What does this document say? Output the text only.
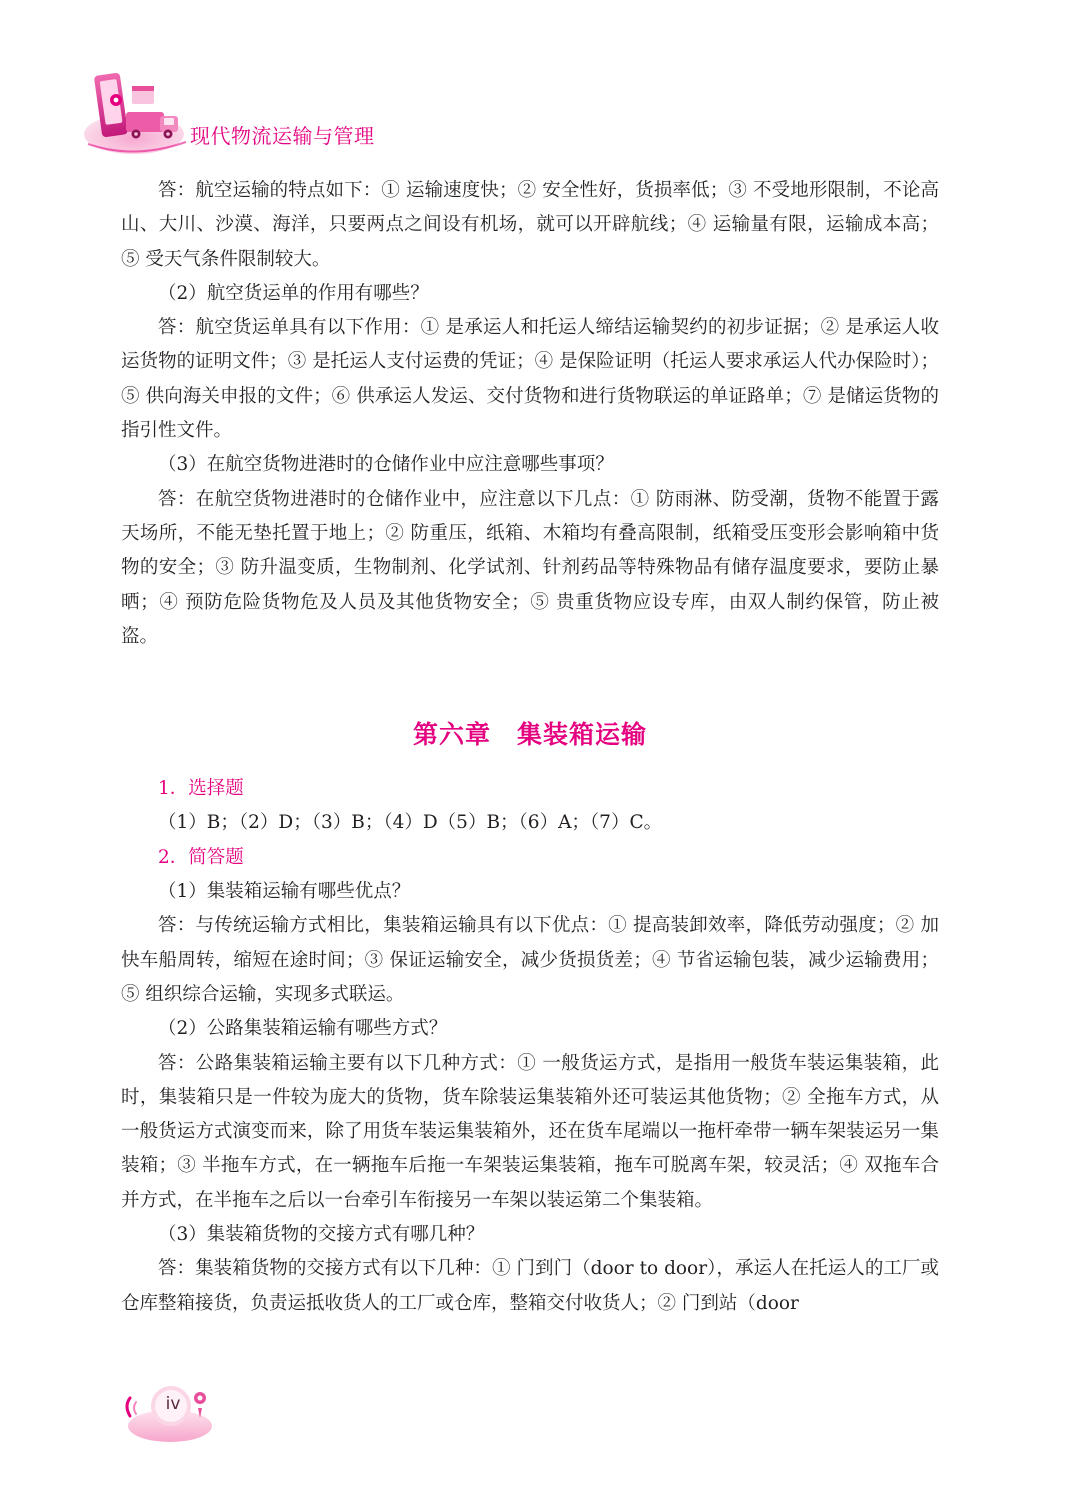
现代物流运输与管理

答：航空运输的特点如下：① 运输速度快；② 安全性好，货损率低；③ 不受地形限制，不论高山、大川、沙漠、海洋，只要两点之间设有机场，就可以开辟航线；④ 运输量有限，运输成本高；⑤ 受天气条件限制较大。

（2）航空货运单的作用有哪些？

答：航空货运单具有以下作用：① 是承运人和托运人缔结运输契约的初步证据；② 是承运人收运货物的证明文件；③ 是托运人支付运费的凭证；④ 是保险证明（托运人要求承运人代办保险时）；⑤ 供向海关申报的文件；⑥ 供承运人发运、交付货物和进行货物联运的单证路单；⑦ 是储运货物的指引性文件。

（3）在航空货物进港时的仓储作业中应注意哪些事项？

答：在航空货物进港时的仓储作业中，应注意以下几点：① 防雨淋、防受潮，货物不能置于露天场所，不能无垫托置于地上；② 防重压，纸箱、木箱均有叠高限制，纸箱受压变形会影响箱中货物的安全；③ 防升温变质，生物制剂、化学试剂、针剂药品等特殊物品有储存温度要求，要防止暴晒；④ 预防危险货物危及人员及其他货物安全；⑤ 贵重货物应设专库，由双人制约保管，防止被盗。

第六章　集装箱运输

1．选择题

（1）B；（2）D；（3）B；（4）D（5）B；（6）A；（7）C。

2．简答题

（1）集装箱运输有哪些优点？

答：与传统运输方式相比，集装箱运输具有以下优点：① 提高装卸效率，降低劳动强度；② 加快车船周转，缩短在途时间；③ 保证运输安全，减少货损货差；④ 节省运输包装，减少运输费用；⑤ 组织综合运输，实现多式联运。

（2）公路集装箱运输有哪些方式？

答：公路集装箱运输主要有以下几种方式：① 一般货运方式，是指用一般货车装运集装箱，此时，集装箱只是一件较为庞大的货物，货车除装运集装箱外还可装运其他货物；② 全拖车方式，从一般货运方式演变而来，除了用货车装运集装箱外，还在货车尾端以一拖杆牵带一辆车架装运另一集装箱；③ 半拖车方式，在一辆拖车后拖一车架装运集装箱，拖车可脱离车架，较灵活；④ 双拖车合并方式，在半拖车之后以一台牵引车衔接另一车架以装运第二个集装箱。

（3）集装箱货物的交接方式有哪几种？

答：集装箱货物的交接方式有以下几种：① 门到门（door to door），承运人在托运人的工厂或仓库整箱接货，负责运抵收货人的工厂或仓库，整箱交付收货人；② 门到站（door

iv
